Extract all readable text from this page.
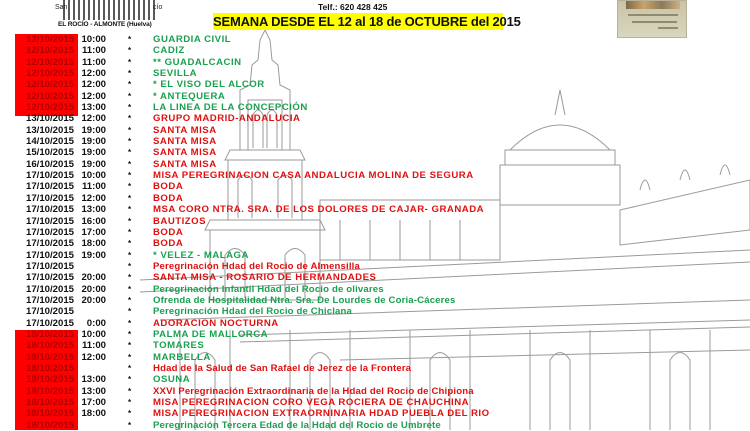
San	cío
EL ROCÍO - ALMONTE (Huelva)
Telf.: 620 428 425
SEMANA DESDE EL 12 al 18 de OCTUBRE del 2015
12/10/2015 10:00	* GUARDIA CIVIL
12/10/2015 11:00	* CADIZ
12/10/2015 11:00	* ** GUADALCACIN
12/10/2015 12:00	* SEVILLA
12/10/2015 12:00	* * EL VISO DEL ALCOR
12/10/2015 12:00	* * ANTEQUERA
12/10/2015 13:00	* LA LINEA DE LA CONCEPCIÓN
13/10/2015 12:00	* GRUPO MADRID-ANDALUCIA
13/10/2015 19:00	* SANTA MISA
14/10/2015 19:00	* SANTA MISA
15/10/2015 19:00	* SANTA MISA
16/10/2015 19:00	* SANTA MISA
17/10/2015 10:00	* MISA PEREGRINACION CASA ANDALUCIA MOLINA DE SEGURA
17/10/2015 11:00	* BODA
17/10/2015 12:00	* BODA
17/10/2015 13:00	* MSA CORO NTRA. SRA. DE LOS DOLORES DE CAJAR- GRANADA
17/10/2015 16:00	* BAUTIZOS
17/10/2015 17:00	* BODA
17/10/2015 18:00	* BODA
17/10/2015 19:00	* * VELEZ - MALAGA
17/10/2015	* Peregrinación Hdad del Rocio de Almensilla
17/10/2015 20:00	* SANTA MISA - ROSARIO DE HERMANDADES
17/10/2015 20:00	* Peregrinación Infantil Hdad del Rocio de olivares
17/10/2015 20:00	* Ofrenda de Hospitalidad Ntra. Sra. De Lourdes de Coria-Cáceres
17/10/2015	* Peregrinación Hdad del Rocio de Chiclana
17/10/2015	0:00	* ADORACION NOCTURNA
18/10/2015 10:00	* PALMA DE MALLORCA
18/10/2015 11:00	* TOMARES
18/10/2015 12:00	* MARBELLA
18/10/2015	* Hdad de la Salud de San Rafael de Jerez de la Frontera
18/10/2015 13:00	* OSUNA
18/10/2015 13:00	* XXVI Peregrinación Extraordinaria de la Hdad del Rocio de Chipiona
18/10/2015 17:00	* MISA PEREGRINACION CORO VEGA ROCIERA DE CHAUCHINA
18/10/2015 18:00	* MISA PEREGRINACION EXTRAORNINARIA HDAD PUEBLA DEL RIO
18/10/2015	* Peregrinación Tercera Edad de la Hdad del Rocio de Umbrete
